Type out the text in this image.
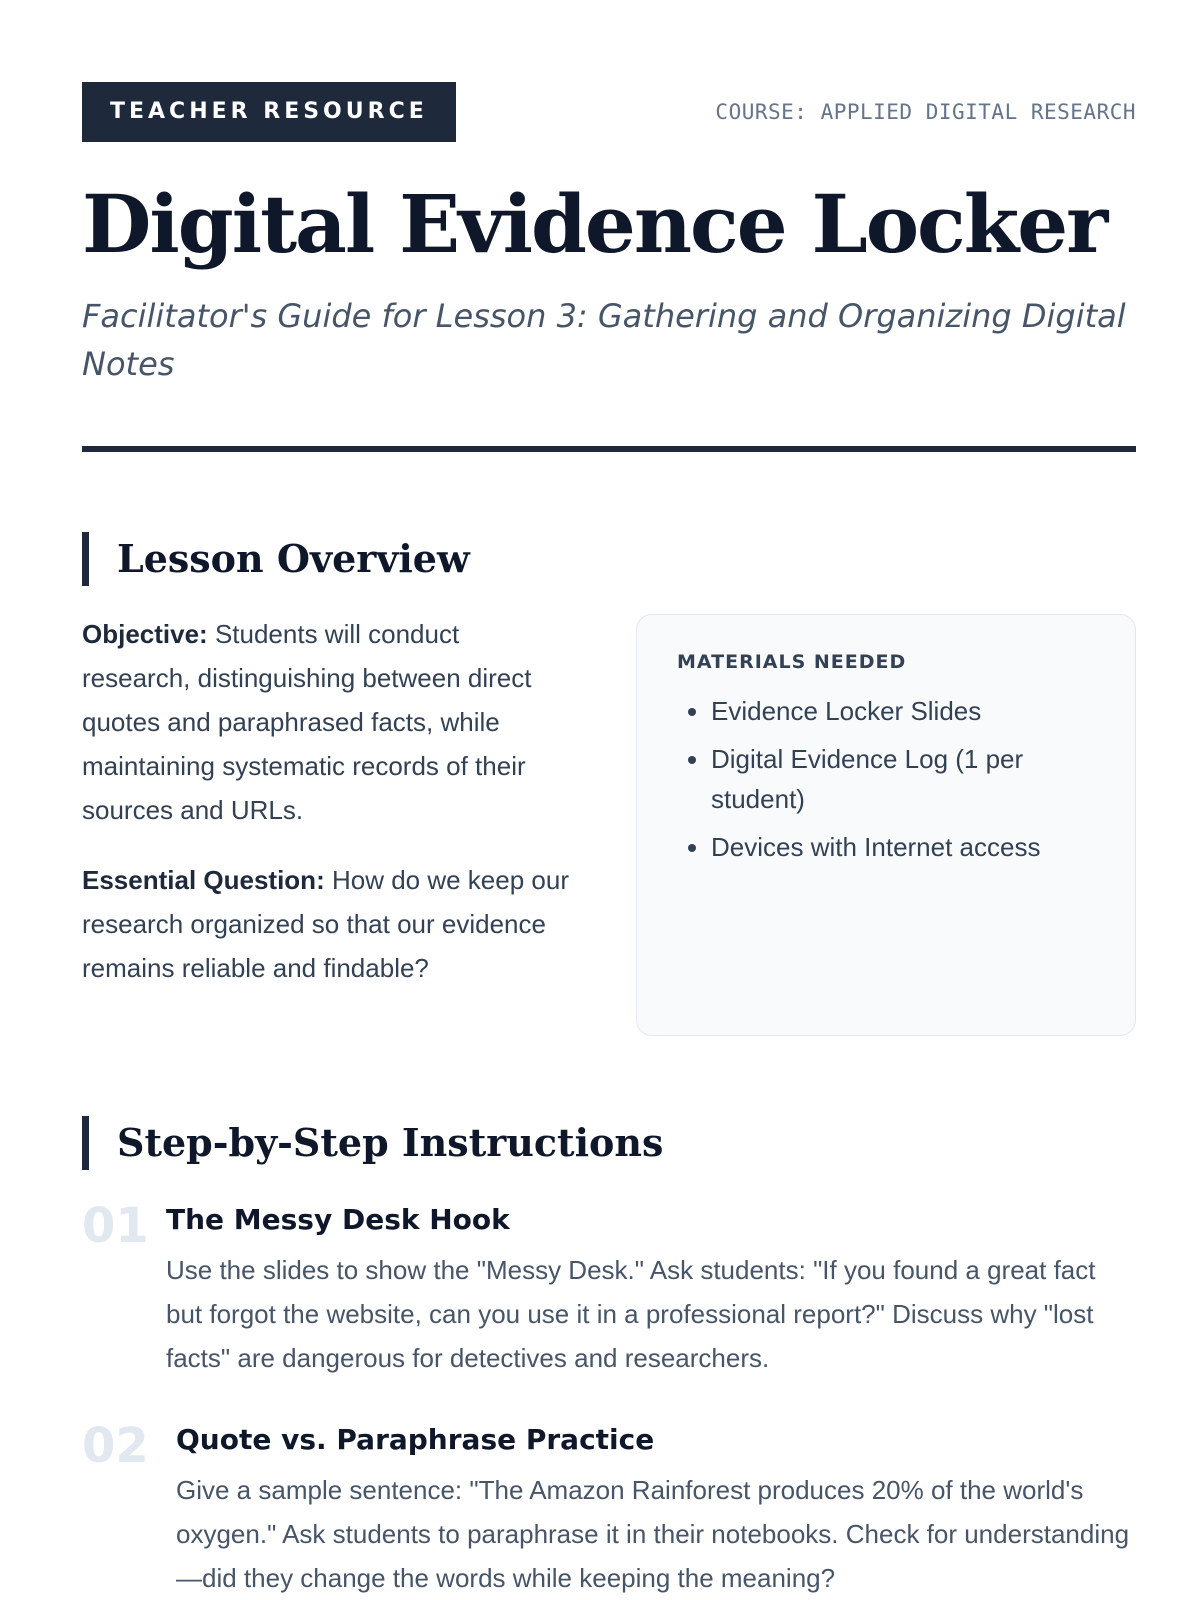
TEACHER RESOURCE	COURSE: APPLIED DIGITAL RESEARCH
Digital Evidence Locker
Facilitator's Guide for Lesson 3: Gathering and Organizing Digital Notes
Lesson Overview

Objective: Students will conduct research, distinguishing between direct quotes and paraphrased facts, while maintaining systematic records of their sources and URLs.

Essential Question: How do we keep our research organized so that our evidence remains reliable and findable?

MATERIALS NEEDED
• Evidence Locker Slides
• Digital Evidence Log (1 per student)
• Devices with Internet access
Step-by-Step Instructions
01 The Messy Desk Hook
Use the slides to show the "Messy Desk." Ask students: "If you found a great fact but forgot the website, can you use it in a professional report?" Discuss why "lost facts" are dangerous for detectives and researchers.
02 Quote vs. Paraphrase Practice
Give a sample sentence: "The Amazon Rainforest produces 20% of the world's oxygen." Ask students to paraphrase it in their notebooks. Check for understanding—did they change the words while keeping the meaning?
